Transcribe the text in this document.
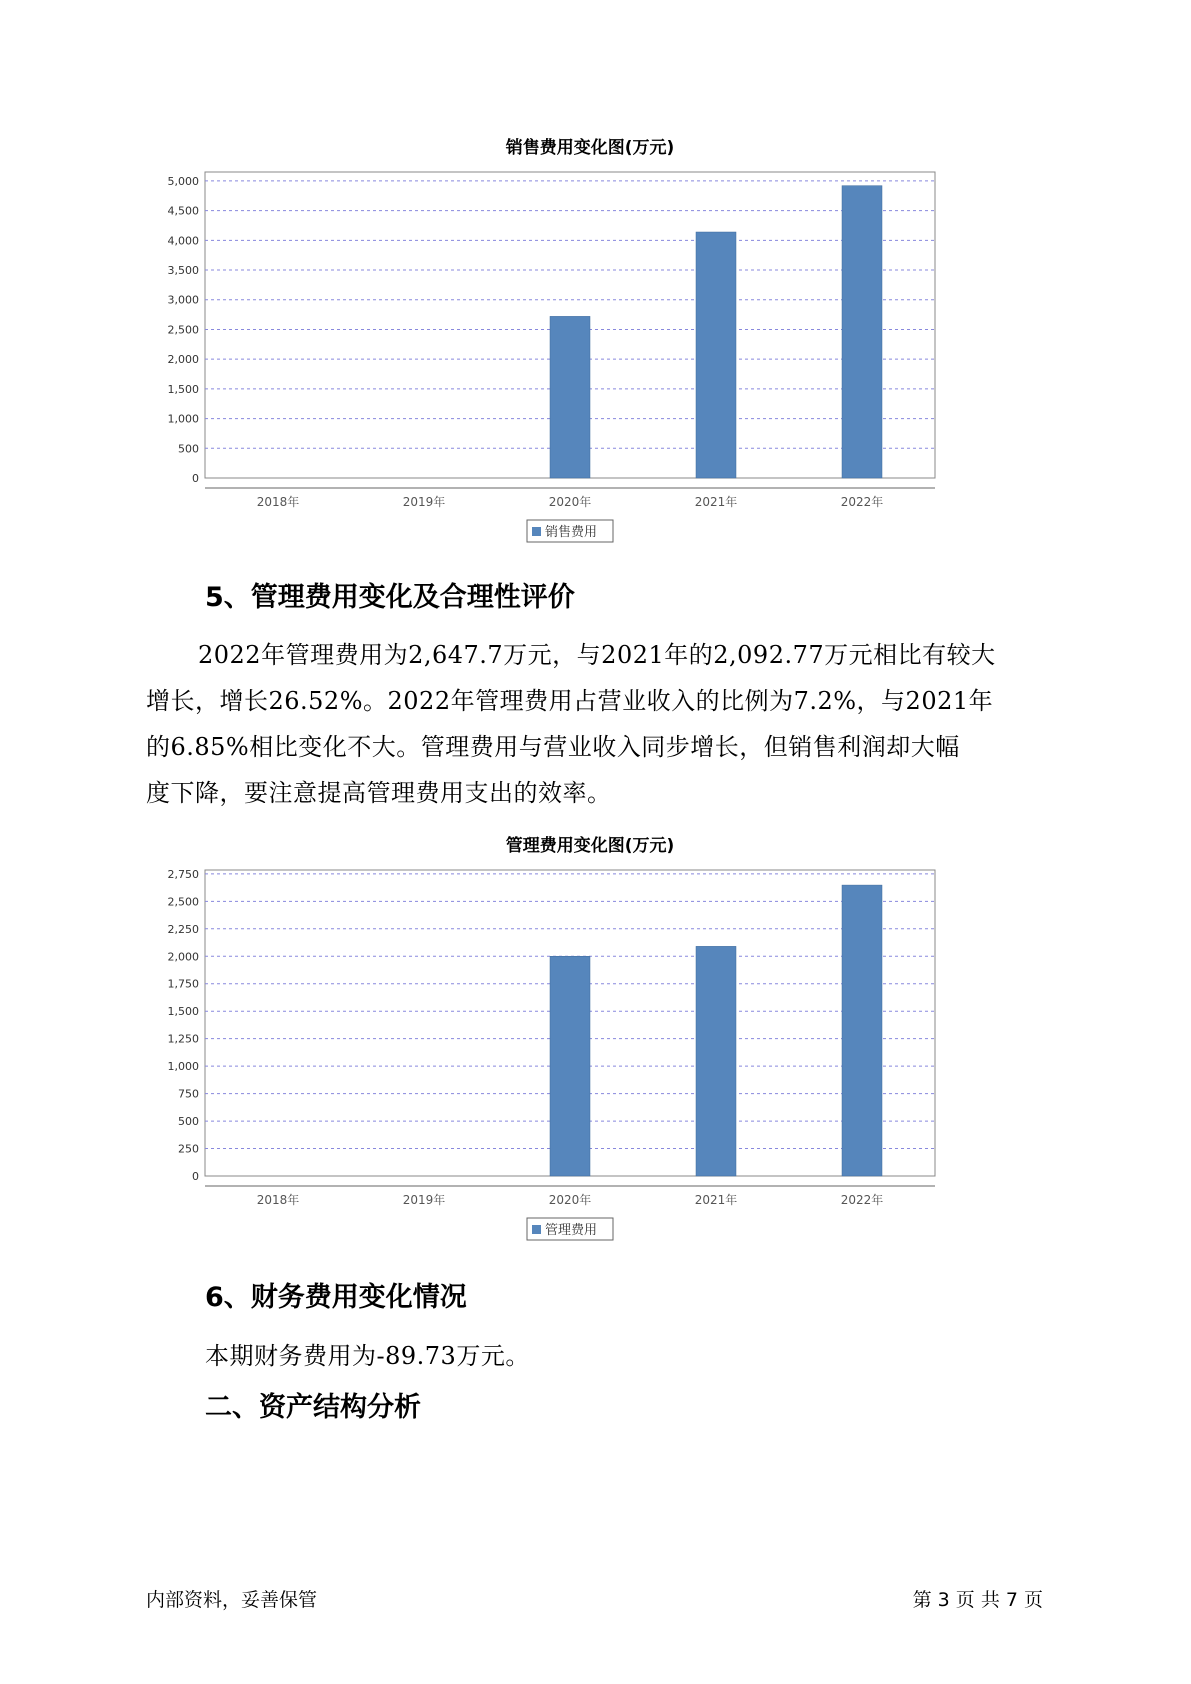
销售费用变化图(万元)
0
500
1,000
1,500
2,000
2,500
3,000
3,500
4,000
4,500
5,000
2018年	2019年	2020年	2021年	2022年
销售费用
5、管理费用变化及合理性评价
2022年管理费用为2,647.7万元，与2021年的2,092.77万元相比有较大
增长，增长26.52%。2022年管理费用占营业收入的比例为7.2%，与2021年
的6.85%相比变化不大。管理费用与营业收入同步增长，但销售利润却大幅
度下降，要注意提高管理费用支出的效率。
管理费用变化图(万元)
0
250
500
750
1,000
1,250
1,500
1,750
2,000
2,250
2,500
2,750
2018年	2019年	2020年	2021年	2022年
管理费用
6、财务费用变化情况

本期财务费用为-89.73万元。

二、资产结构分析
内部资料，妥善保管	第 3 页 共 7 页
